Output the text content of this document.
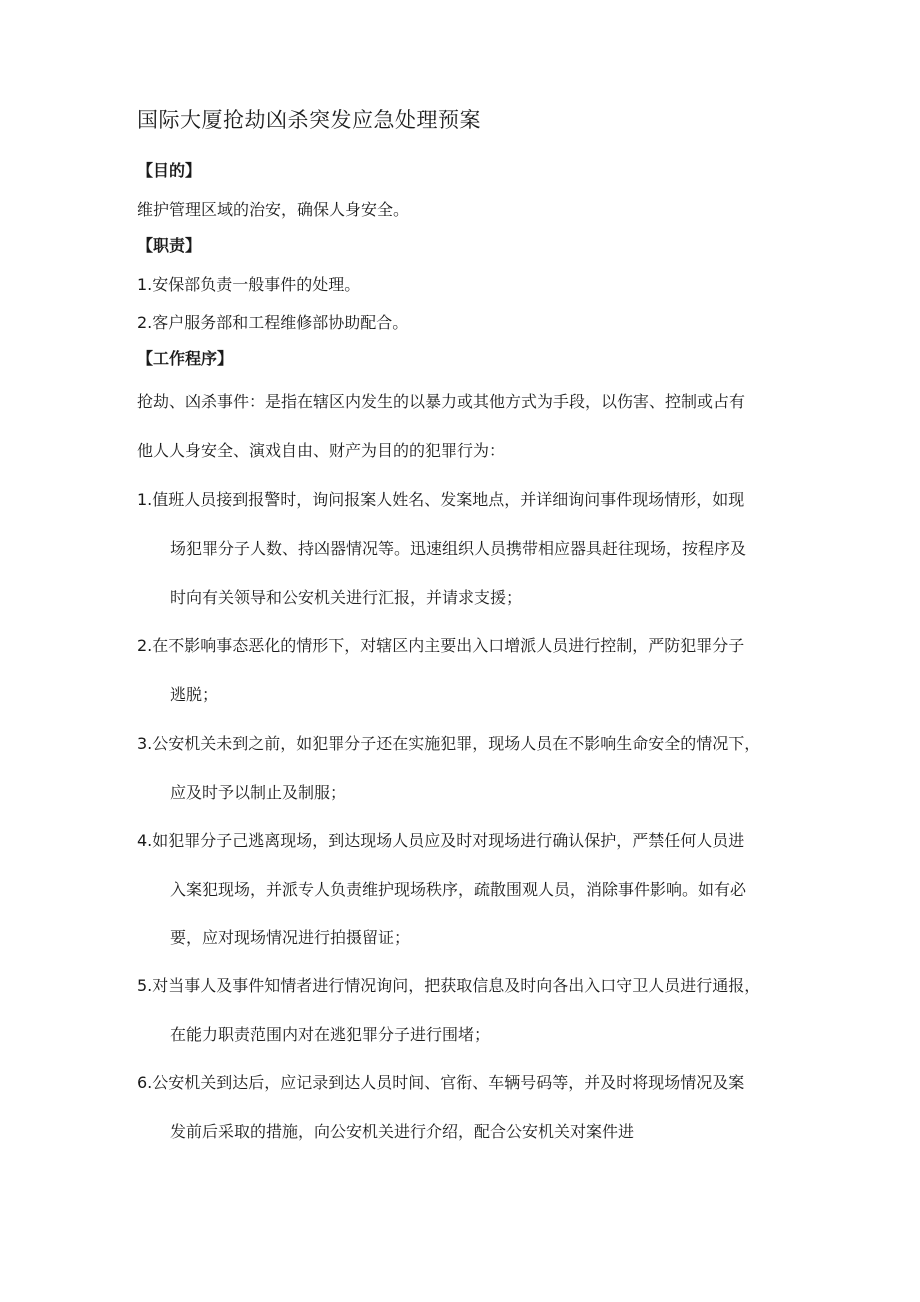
国际大厦抢劫凶杀突发应急处理预案
【目的】
维护管理区域的治安，确保人身安全。
【职责】
1.安保部负责一般事件的处理。
2.客户服务部和工程维修部协助配合。
【工作程序】
抢劫、凶杀事件：是指在辖区内发生的以暴力或其他方式为手段，以伤害、控制或占有
他人人身安全、演戏自由、财产为目的的犯罪行为：
1.值班人员接到报警时，询问报案人姓名、发案地点，并详细询问事件现场情形，如现
场犯罪分子人数、持凶器情况等。迅速组织人员携带相应器具赶往现场，按程序及
时向有关领导和公安机关进行汇报，并请求支援；
2.在不影响事态恶化的情形下，对辖区内主要出入口增派人员进行控制，严防犯罪分子
逃脱；
3.公安机关未到之前，如犯罪分子还在实施犯罪，现场人员在不影响生命安全的情况下，
应及时予以制止及制服；
4.如犯罪分子己逃离现场，到达现场人员应及时对现场进行确认保护，严禁任何人员进
入案犯现场，并派专人负责维护现场秩序，疏散围观人员，消除事件影响。如有必
要，应对现场情况进行拍摄留证；
5.对当事人及事件知情者进行情况询问，把获取信息及时向各出入口守卫人员进行通报，
在能力职责范围内对在逃犯罪分子进行围堵；
6.公安机关到达后，应记录到达人员时间、官衔、车辆号码等，并及时将现场情况及案
发前后采取的措施，向公安机关进行介绍，配合公安机关对案件进
